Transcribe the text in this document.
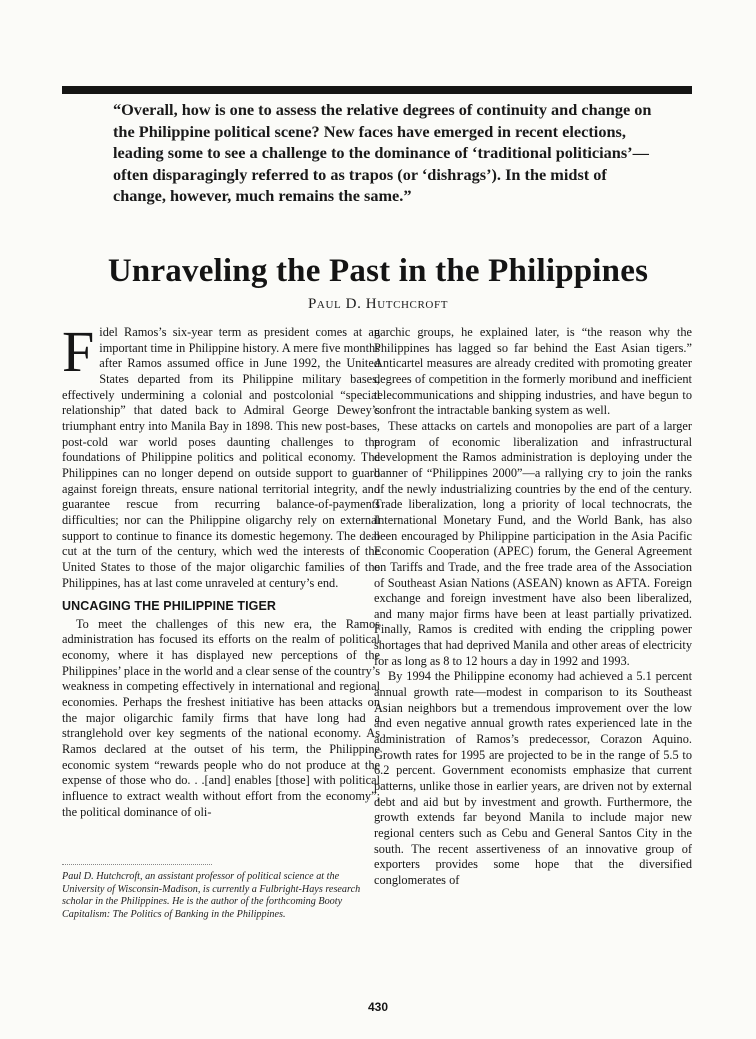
“Overall, how is one to assess the relative degrees of continuity and change on the Philippine political scene? New faces have emerged in recent elections, leading some to see a challenge to the dominance of ‘traditional politicians’—often disparagingly referred to as trapos (or ‘dishrags’). In the midst of change, however, much remains the same.”

Unraveling the Past in the Philippines
Paul D. Hutchcroft

Fidel Ramos’s six-year term as president comes at an important time in Philippine history. A mere five months after Ramos assumed office in June 1992, the United States departed from its Philippine military bases, effectively undermining a colonial and postcolonial “special relationship” that dated back to Admiral George Dewey’s triumphant entry into Manila Bay in 1898. This new post-bases, post-cold war world poses daunting challenges to the foundations of Philippine politics and political economy. The Philippines can no longer depend on outside support to guard against foreign threats, ensure national territorial integrity, and guarantee rescue from recurring balance-of-payments difficulties; nor can the Philippine oligarchy rely on external support to continue to finance its domestic hegemony. The deal cut at the turn of the century, which wed the interests of the United States to those of the major oligarchic families of the Philippines, has at last come unraveled at century’s end.

UNCAGING THE PHILIPPINE TIGER

To meet the challenges of this new era, the Ramos administration has focused its efforts on the realm of political economy, where it has displayed new perceptions of the Philippines’ place in the world and a clear sense of the country’s weakness in competing effectively in international and regional economies. Perhaps the freshest initiative has been attacks on the major oligarchic family firms that have long had a stranglehold over key segments of the national economy. As Ramos declared at the outset of his term, the Philippine economic system “rewards people who do not produce at the expense of those who do. . .[and] enables [those] with political influence to extract wealth without effort from the economy”; the political dominance of oli-

garchic groups, he explained later, is “the reason why the Philippines has lagged so far behind the East Asian tigers.” Anticartel measures are already credited with promoting greater degrees of competition in the formerly moribund and inefficient telecommunications and shipping industries, and have begun to confront the intractable banking system as well.

These attacks on cartels and monopolies are part of a larger program of economic liberalization and infrastructural development the Ramos administration is deploying under the banner of “Philippines 2000”—a rallying cry to join the ranks of the newly industrializing countries by the end of the century. Trade liberalization, long a priority of local technocrats, the International Monetary Fund, and the World Bank, has also been encouraged by Philippine participation in the Asia Pacific Economic Cooperation (APEC) forum, the General Agreement on Tariffs and Trade, and the free trade area of the Association of Southeast Asian Nations (ASEAN) known as AFTA. Foreign exchange and foreign investment have also been liberalized, and many major firms have been at least partially privatized. Finally, Ramos is credited with ending the crippling power shortages that had deprived Manila and other areas of electricity for as long as 8 to 12 hours a day in 1992 and 1993.

By 1994 the Philippine economy had achieved a 5.1 percent annual growth rate—modest in comparison to its Southeast Asian neighbors but a tremendous improvement over the low and even negative annual growth rates experienced late in the administration of Ramos’s predecessor, Corazon Aquino. Growth rates for 1995 are projected to be in the range of 5.5 to 6.2 percent. Government economists emphasize that current patterns, unlike those in earlier years, are driven not by external debt and aid but by investment and growth. Furthermore, the growth extends far beyond Manila to include major new regional centers such as Cebu and General Santos City in the south. The recent assertiveness of an innovative group of exporters provides some hope that the diversified conglomerates of

Paul D. Hutchcroft, an assistant professor of political science at the University of Wisconsin-Madison, is currently a Fulbright-Hays research scholar in the Philippines. He is the author of the forthcoming Booty Capitalism: The Politics of Banking in the Philippines.

430
